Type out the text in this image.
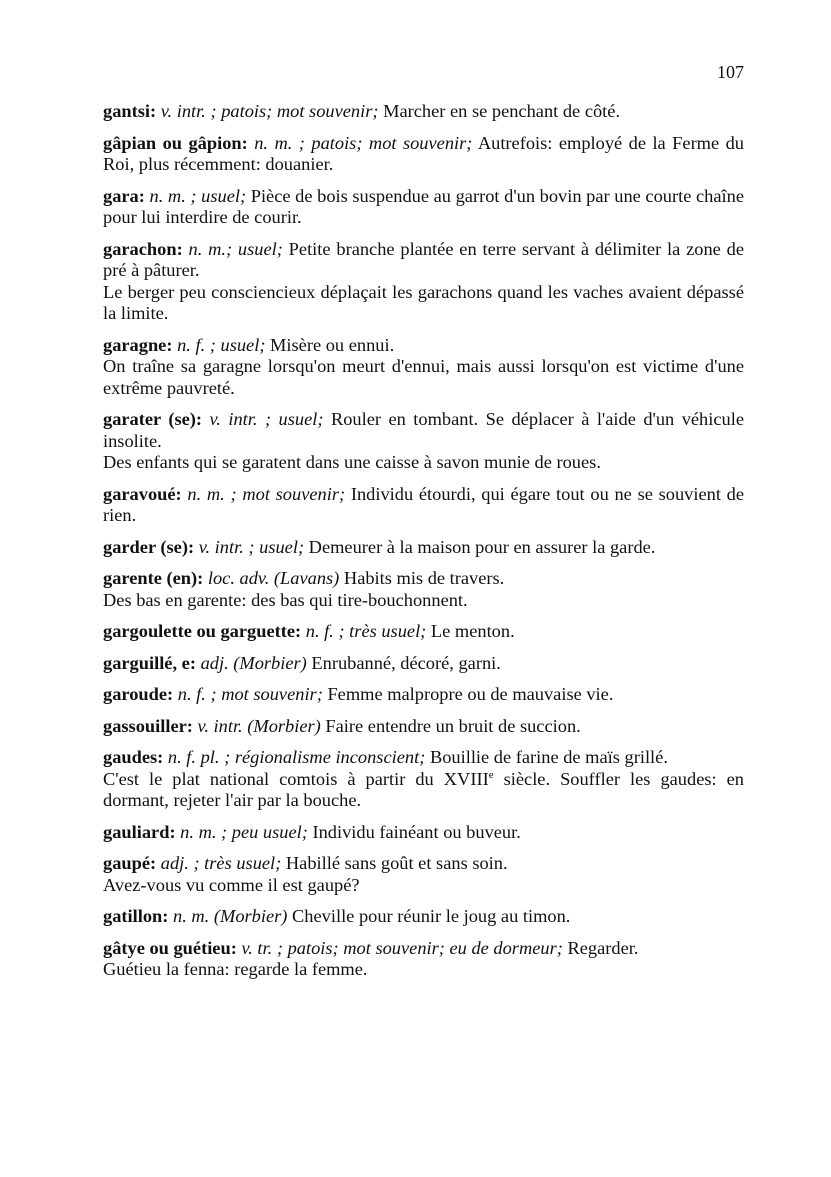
107

gantsi: v. intr. ; patois; mot souvenir; Marcher en se penchant de côté.

gâpian ou gâpion: n. m. ; patois; mot souvenir; Autrefois: employé de la Ferme du Roi, plus récemment: douanier.

gara: n. m. ; usuel; Pièce de bois suspendue au garrot d'un bovin par une courte chaîne pour lui interdire de courir.

garachon: n. m.; usuel; Petite branche plantée en terre servant à délimiter la zone de pré à pâturer.

Le berger peu consciencieux déplaçait les garachons quand les vaches avaient dépassé la limite.

garagne: n. f. ; usuel; Misère ou ennui.

On traîne sa garagne lorsqu'on meurt d'ennui, mais aussi lorsqu'on est victime d'une extrême pauvreté.

garater (se): v. intr. ; usuel; Rouler en tombant. Se déplacer à l'aide d'un véhicule insolite.

Des enfants qui se garatent dans une caisse à savon munie de roues.

garavoué: n. m. ; mot souvenir; Individu étourdi, qui égare tout ou ne se souvient de rien.

garder (se): v. intr. ; usuel; Demeurer à la maison pour en assurer la garde.

garente (en): loc. adv. (Lavans) Habits mis de travers.

Des bas en garente: des bas qui tire-bouchonnent.

gargoulette ou garguette: n. f. ; très usuel; Le menton.

garguillé, e: adj. (Morbier) Enrubanné, décoré, garni.

garoude: n. f. ; mot souvenir; Femme malpropre ou de mauvaise vie.

gassouiller: v. intr. (Morbier) Faire entendre un bruit de succion.

gaudes: n. f. pl. ; régionalisme inconscient; Bouillie de farine de maïs grillé.

C'est le plat national comtois à partir du XVIIIe siècle. Souffler les gaudes: en dormant, rejeter l'air par la bouche.

gauliard: n. m. ; peu usuel; Individu fainéant ou buveur.

gaupé: adj. ; très usuel; Habillé sans goût et sans soin.

Avez-vous vu comme il est gaupé?

gatillon: n. m. (Morbier) Cheville pour réunir le joug au timon.

gâtye ou guétieu: v. tr. ; patois; mot souvenir; eu de dormeur; Regarder.

Guétieu la fenna: regarde la femme.
